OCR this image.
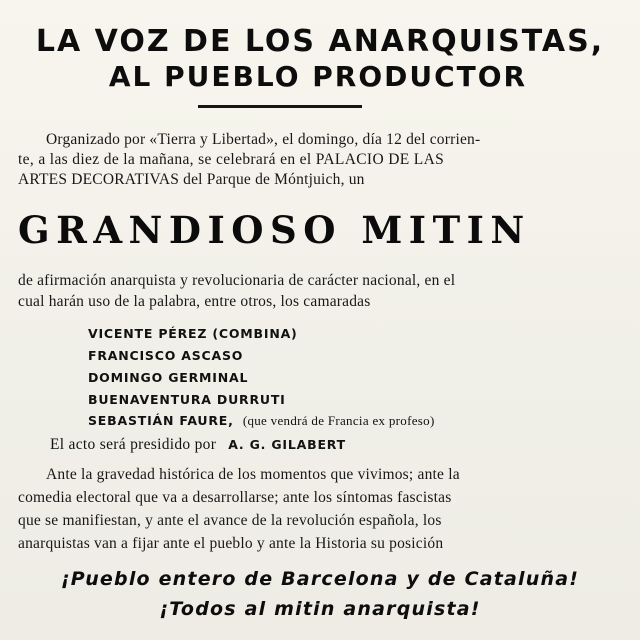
LA VOZ DE LOS ANARQUISTAS,
AL PUEBLO PRODUCTOR
Organizado por «Tierra y Libertad», el domingo, día 12 del corrien-
te, a las diez de la mañana, se celebrará en el PALACIO DE LAS
ARTES DECORATIVAS del Parque de Móntjuich, un
GRANDIOSO MITIN
de afirmación anarquista y revolucionaria de carácter nacional, en el
cual harán uso de la palabra, entre otros, los camaradas
VICENTE PÉREZ (COMBINA)
FRANCISCO ASCASO
DOMINGO GERMINAL
BUENAVENTURA DURRUTI
SEBASTIÁN FAURE, (que vendrá de Francia ex profeso)
El acto será presidido por A. G. GILABERT
Ante la gravedad histórica de los momentos que vivimos; ante la
comedia electoral que va a desarrollarse; ante los síntomas fascistas
que se manifiestan, y ante el avance de la revolución española, los
anarquistas van a fijar ante el pueblo y ante la Historia su posición
¡Pueblo entero de Barcelona y de Cataluña!
¡Todos al mitin anarquista!
